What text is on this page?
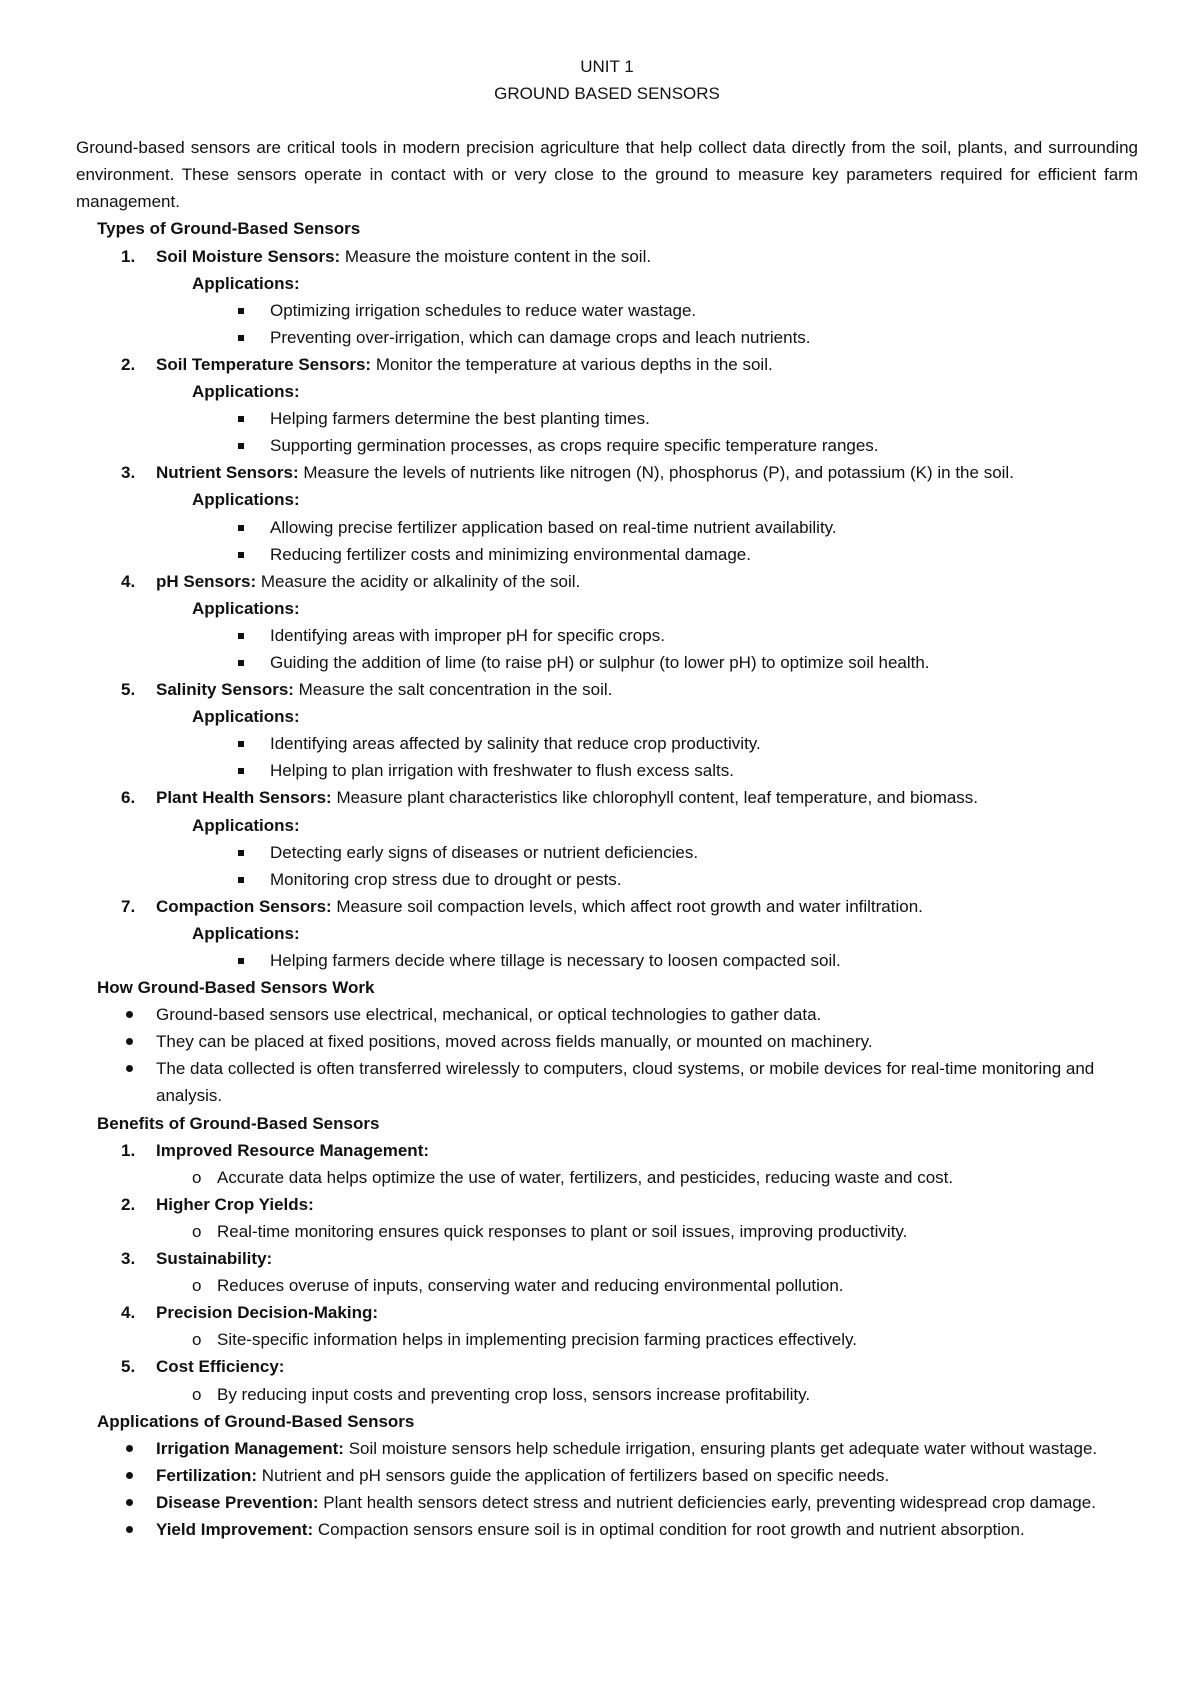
UNIT 1
GROUND BASED SENSORS

Ground-based sensors are critical tools in modern precision agriculture that help collect data directly from the soil, plants, and surrounding environment. These sensors operate in contact with or very close to the ground to measure key parameters required for efficient farm management.

Types of Ground-Based Sensors
1. Soil Moisture Sensors: Measure the moisture content in the soil.
Applications:
Optimizing irrigation schedules to reduce water wastage.
Preventing over-irrigation, which can damage crops and leach nutrients.
2. Soil Temperature Sensors: Monitor the temperature at various depths in the soil.
Applications:
Helping farmers determine the best planting times.
Supporting germination processes, as crops require specific temperature ranges.
3. Nutrient Sensors: Measure the levels of nutrients like nitrogen (N), phosphorus (P), and potassium (K) in the soil.
Applications:
Allowing precise fertilizer application based on real-time nutrient availability.
Reducing fertilizer costs and minimizing environmental damage.
4. pH Sensors: Measure the acidity or alkalinity of the soil.
Applications:
Identifying areas with improper pH for specific crops.
Guiding the addition of lime (to raise pH) or sulphur (to lower pH) to optimize soil health.
5. Salinity Sensors: Measure the salt concentration in the soil.
Applications:
Identifying areas affected by salinity that reduce crop productivity.
Helping to plan irrigation with freshwater to flush excess salts.
6. Plant Health Sensors: Measure plant characteristics like chlorophyll content, leaf temperature, and biomass.
Applications:
Detecting early signs of diseases or nutrient deficiencies.
Monitoring crop stress due to drought or pests.
7. Compaction Sensors: Measure soil compaction levels, which affect root growth and water infiltration.
Applications:
Helping farmers decide where tillage is necessary to loosen compacted soil.
How Ground-Based Sensors Work
Ground-based sensors use electrical, mechanical, or optical technologies to gather data.
They can be placed at fixed positions, moved across fields manually, or mounted on machinery.
The data collected is often transferred wirelessly to computers, cloud systems, or mobile devices for real-time monitoring and analysis.
Benefits of Ground-Based Sensors
1. Improved Resource Management:
o Accurate data helps optimize the use of water, fertilizers, and pesticides, reducing waste and cost.
2. Higher Crop Yields:
o Real-time monitoring ensures quick responses to plant or soil issues, improving productivity.
3. Sustainability:
o Reduces overuse of inputs, conserving water and reducing environmental pollution.
4. Precision Decision-Making:
o Site-specific information helps in implementing precision farming practices effectively.
5. Cost Efficiency:
o By reducing input costs and preventing crop loss, sensors increase profitability.
Applications of Ground-Based Sensors
Irrigation Management: Soil moisture sensors help schedule irrigation, ensuring plants get adequate water without wastage.
Fertilization: Nutrient and pH sensors guide the application of fertilizers based on specific needs.
Disease Prevention: Plant health sensors detect stress and nutrient deficiencies early, preventing widespread crop damage.
Yield Improvement: Compaction sensors ensure soil is in optimal condition for root growth and nutrient absorption.
